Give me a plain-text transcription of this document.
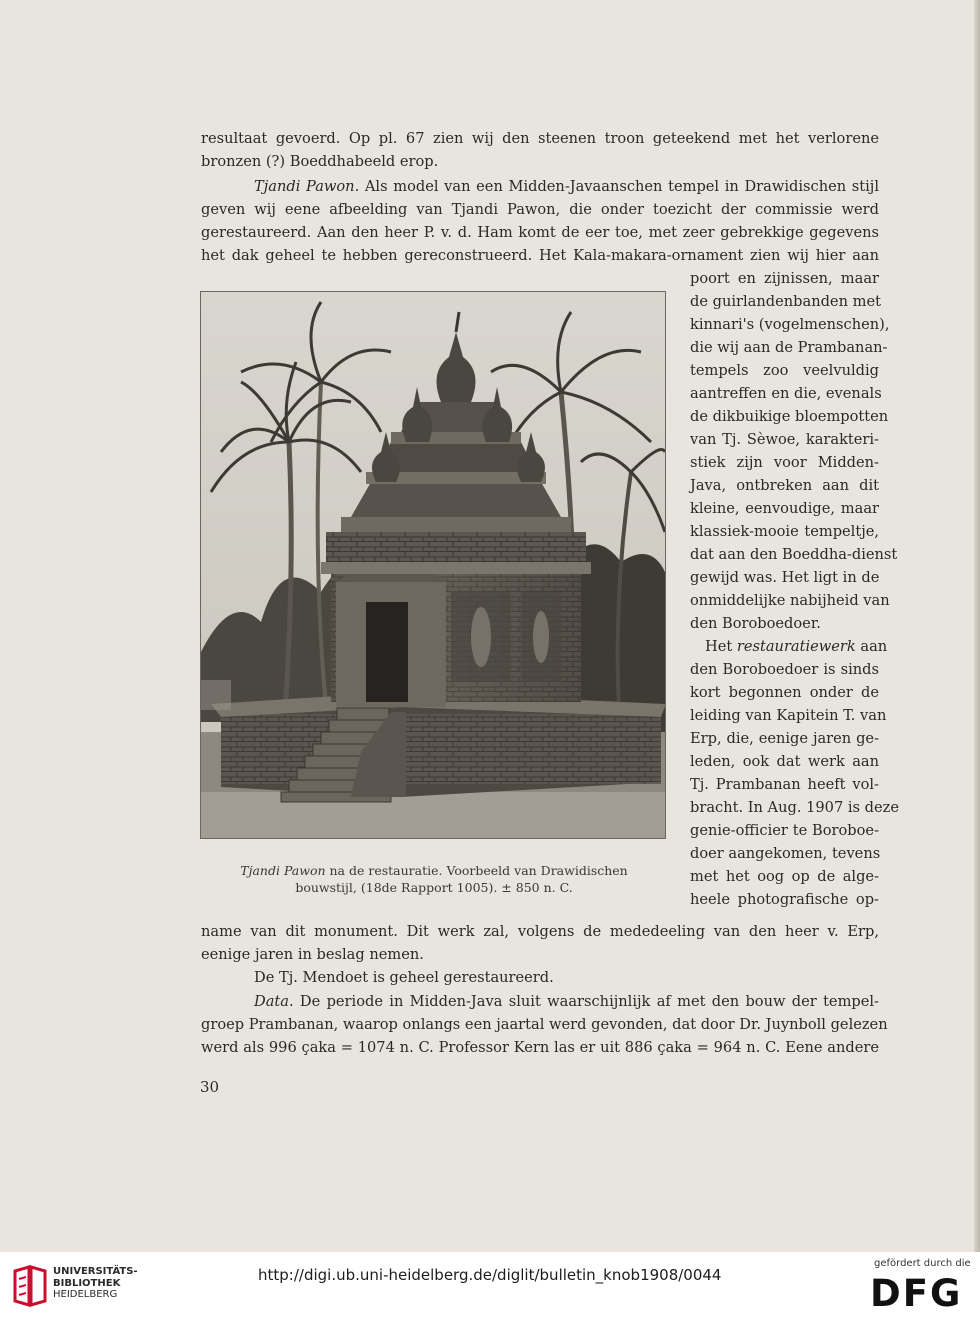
resultaat gevoerd. Op pl. 67 zien wij den steenen troon geteekend met het verlorene
bronzen (?) Boeddhabeeld erop.
Tjandi Pawon. Als model van een Midden-Javaanschen tempel in Drawidischen stijl
geven wij eene afbeelding van Tjandi Pawon, die onder toezicht der commissie werd
gerestaureerd. Aan den heer P. v. d. Ham komt de eer toe, met zeer gebrekkige gegevens
het dak geheel te hebben gereconstrueerd. Het Kala-makara-ornament zien wij hier aan
poort en zijnissen, maar
de guirlandenbanden met
kinnari's (vogelmenschen),
die wij aan de Prambanan-
tempels zoo veelvuldig
aantreffen en die, evenals
de dikbuikige bloempotten
van Tj. Sèwoe, karakteri-
stiek zijn voor Midden-
Java, ontbreken aan dit
kleine, eenvoudige, maar
klassiek-mooie tempeltje,
dat aan den Boeddha-dienst
gewijd was. Het ligt in de
onmiddelijke nabijheid van
den Boroboedoer.
Het restauratiewerk aan
den Boroboedoer is sinds
kort begonnen onder de
leiding van Kapitein T. van
Erp, die, eenige jaren ge-
leden, ook dat werk aan
Tj. Prambanan heeft vol-
bracht. In Aug. 1907 is deze
genie-officier te Boroboe-
doer aangekomen, tevens
met het oog op de alge-
heele photografische op-
Tjandi Pawon na de restauratie. Voorbeeld van Drawidischen
bouwstijl, (18de Rapport 1005). ± 850 n. C.
name van dit monument. Dit werk zal, volgens de mededeeling van den heer v. Erp,
eenige jaren in beslag nemen.
De Tj. Mendoet is geheel gerestaureerd.
Data. De periode in Midden-Java sluit waarschijnlijk af met den bouw der tempel-
groep Prambanan, waarop onlangs een jaartal werd gevonden, dat door Dr. Juynboll gelezen
werd als 996 çaka = 1074 n. C. Professor Kern las er uit 886 çaka = 964 n. C. Eene andere
30
UNIVERSITÄTS-
BIBLIOTHEK
HEIDELBERG
http://digi.ub.uni-heidelberg.de/diglit/bulletin_knob1908/0044
gefördert durch die
DFG
